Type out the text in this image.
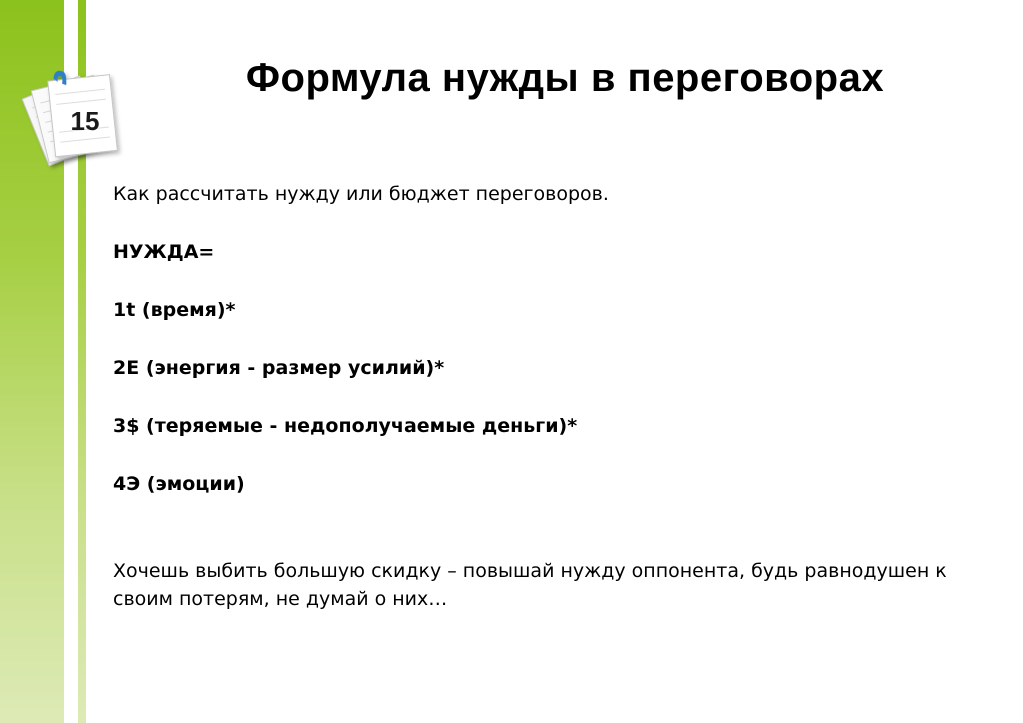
15
Формула нужды в переговорах

Как рассчитать нужду или бюджет переговоров.

НУЖДА=

1t (время)*

2E (энергия - размер усилий)*

3$ (теряемые - недополучаемые деньги)*

4Э (эмоции)

Хочешь выбить большую скидку – повышай нужду оппонента, будь равнодушен к своим потерям, не думай о них…
